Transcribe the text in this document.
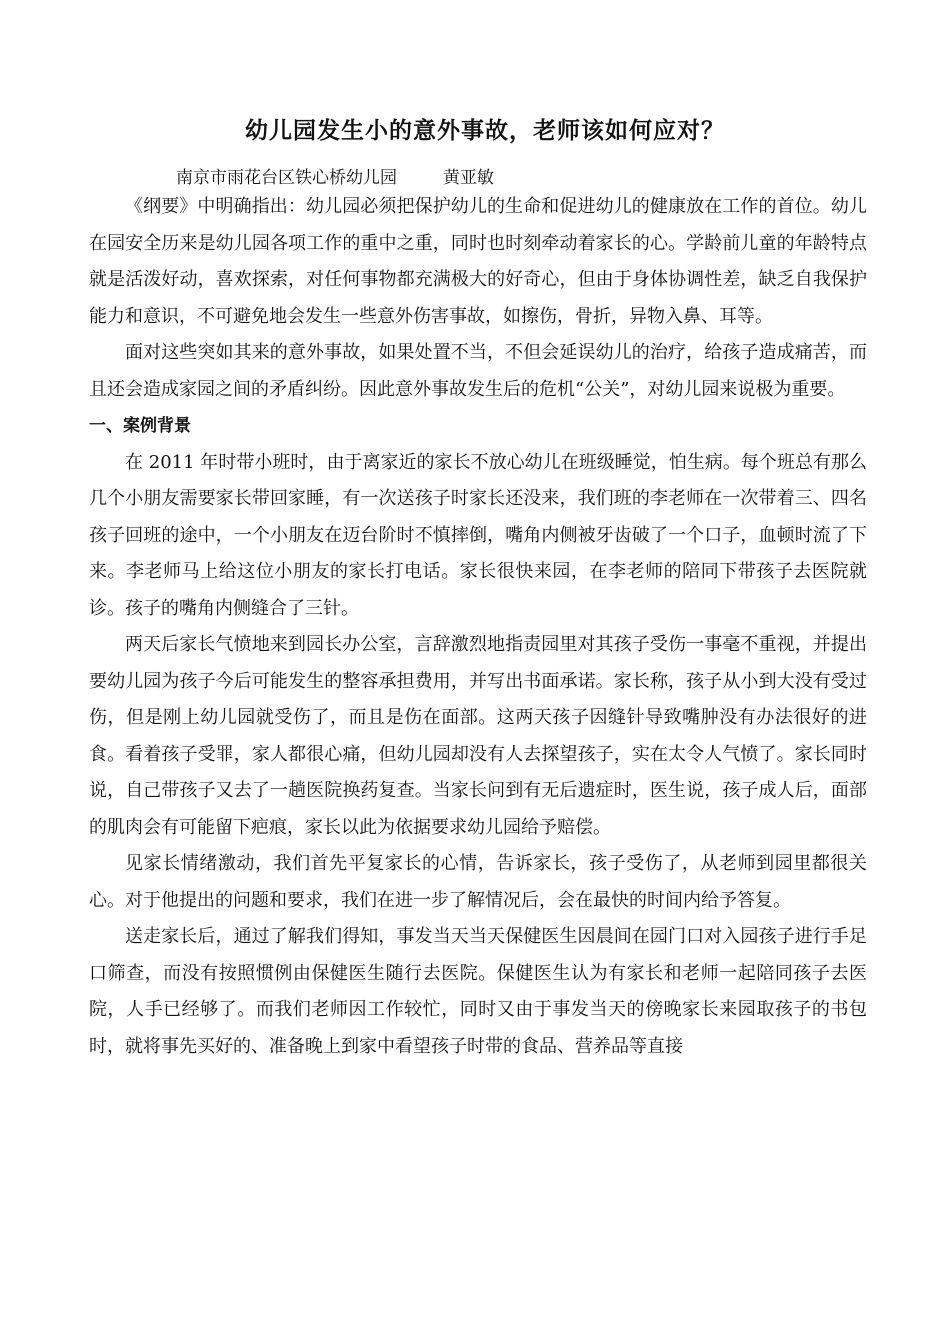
幼儿园发生小的意外事故，老师该如何应对？
南京市雨花台区铁心桥幼儿园	黄亚敏

《纲要》中明确指出：幼儿园必须把保护幼儿的生命和促进幼儿的健康放在工作的首位。幼儿在园安全历来是幼儿园各项工作的重中之重，同时也时刻牵动着家长的心。学龄前儿童的年龄特点就是活泼好动，喜欢探索，对任何事物都充满极大的好奇心，但由于身体协调性差，缺乏自我保护能力和意识，不可避免地会发生一些意外伤害事故，如擦伤，骨折，异物入鼻、耳等。

面对这些突如其来的意外事故，如果处置不当，不但会延误幼儿的治疗，给孩子造成痛苦，而且还会造成家园之间的矛盾纠纷。因此意外事故发生后的危机“公关”，对幼儿园来说极为重要。

一、案例背景

在 2011 年时带小班时，由于离家近的家长不放心幼儿在班级睡觉，怕生病。每个班总有那么几个小朋友需要家长带回家睡，有一次送孩子时家长还没来，我们班的李老师在一次带着三、四名孩子回班的途中，一个小朋友在迈台阶时不慎摔倒，嘴角内侧被牙齿破了一个口子，血顿时流了下来。李老师马上给这位小朋友的家长打电话。家长很快来园，在李老师的陪同下带孩子去医院就诊。孩子的嘴角内侧缝合了三针。

两天后家长气愤地来到园长办公室，言辞激烈地指责园里对其孩子受伤一事毫不重视，并提出要幼儿园为孩子今后可能发生的整容承担费用，并写出书面承诺。家长称，孩子从小到大没有受过伤，但是刚上幼儿园就受伤了，而且是伤在面部。这两天孩子因缝针导致嘴肿没有办法很好的进食。看着孩子受罪，家人都很心痛，但幼儿园却没有人去探望孩子，实在太令人气愤了。家长同时说，自己带孩子又去了一趟医院换药复查。当家长问到有无后遗症时，医生说，孩子成人后，面部的肌肉会有可能留下疤痕，家长以此为依据要求幼儿园给予赔偿。

见家长情绪激动，我们首先平复家长的心情，告诉家长，孩子受伤了，从老师到园里都很关心。对于他提出的问题和要求，我们在进一步了解情况后，会在最快的时间内给予答复。

送走家长后，通过了解我们得知，事发当天当天保健医生因晨间在园门口对入园孩子进行手足口筛查，而没有按照惯例由保健医生随行去医院。保健医生认为有家长和老师一起陪同孩子去医院，人手已经够了。而我们老师因工作较忙，同时又由于事发当天的傍晚家长来园取孩子的书包时，就将事先买好的、准备晚上到家中看望孩子时带的食品、营养品等直接
